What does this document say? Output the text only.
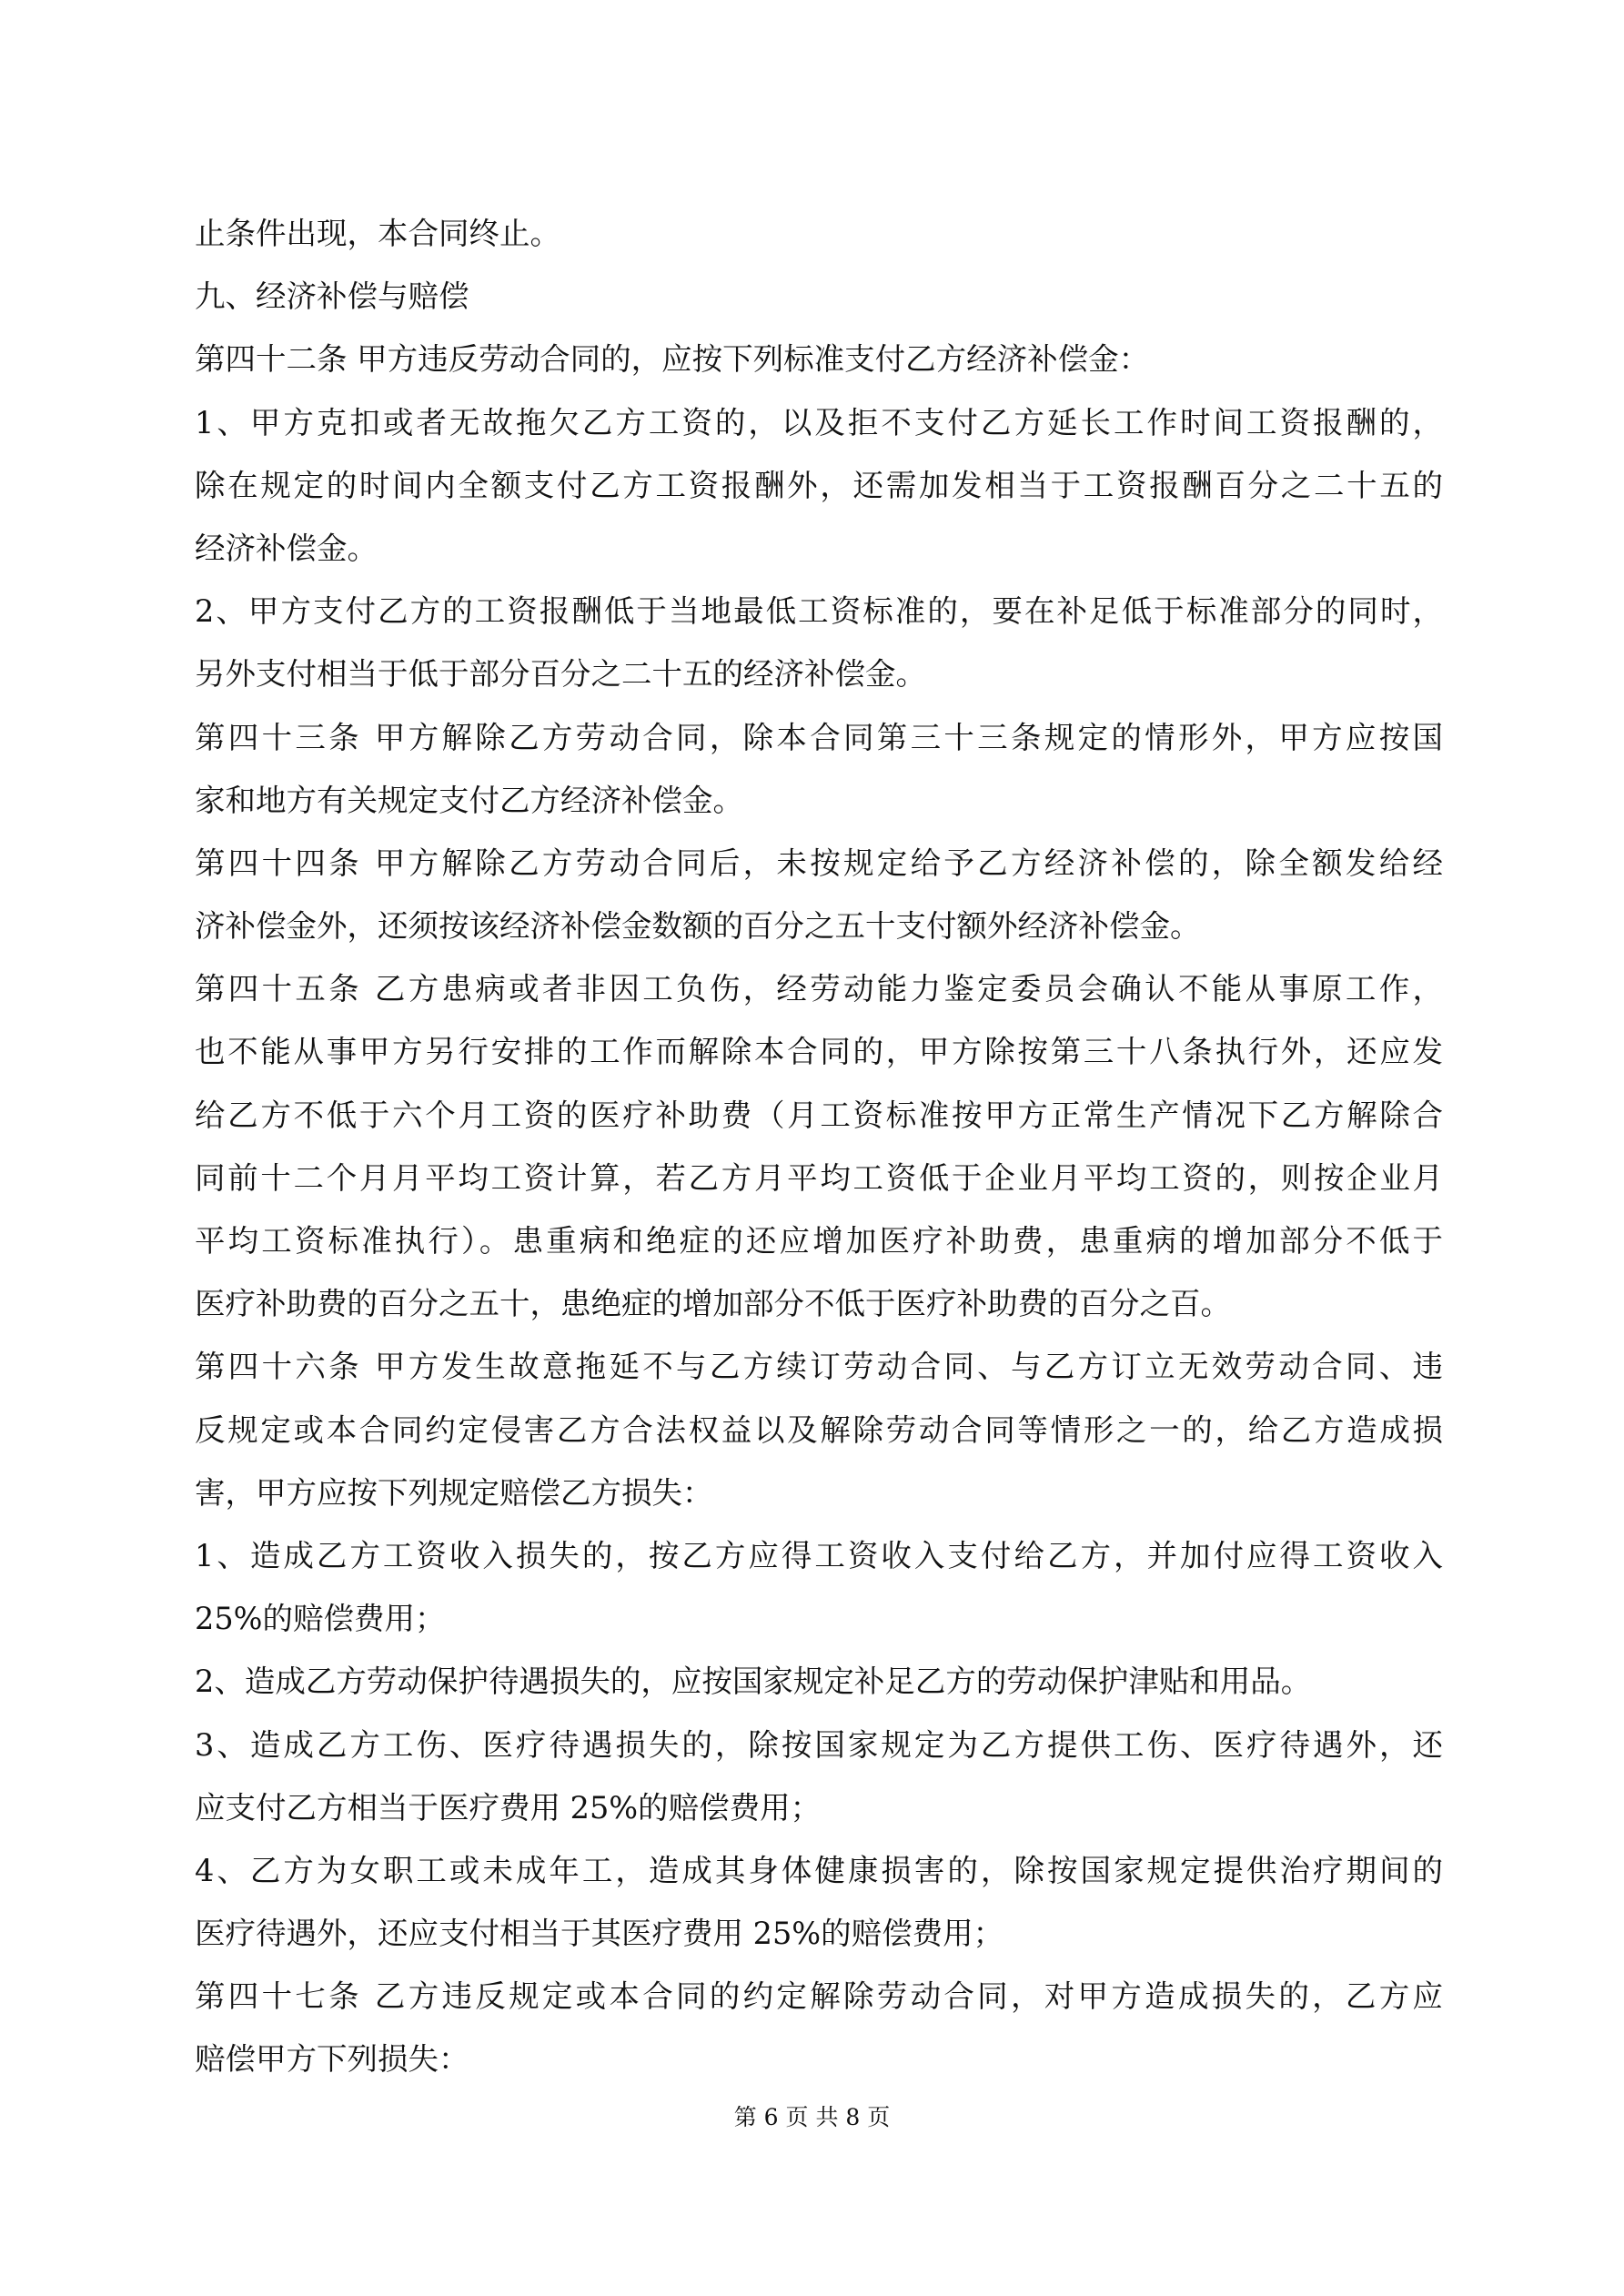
止条件出现，本合同终止。
九、经济补偿与赔偿
第四十二条 甲方违反劳动合同的，应按下列标准支付乙方经济补偿金：
1、甲方克扣或者无故拖欠乙方工资的，以及拒不支付乙方延长工作时间工资报酬的，
除在规定的时间内全额支付乙方工资报酬外，还需加发相当于工资报酬百分之二十五的
经济补偿金。
2、甲方支付乙方的工资报酬低于当地最低工资标准的，要在补足低于标准部分的同时，
另外支付相当于低于部分百分之二十五的经济补偿金。
第四十三条 甲方解除乙方劳动合同，除本合同第三十三条规定的情形外，甲方应按国
家和地方有关规定支付乙方经济补偿金。
第四十四条 甲方解除乙方劳动合同后，未按规定给予乙方经济补偿的，除全额发给经
济补偿金外，还须按该经济补偿金数额的百分之五十支付额外经济补偿金。
第四十五条 乙方患病或者非因工负伤，经劳动能力鉴定委员会确认不能从事原工作，
也不能从事甲方另行安排的工作而解除本合同的，甲方除按第三十八条执行外，还应发
给乙方不低于六个月工资的医疗补助费（月工资标准按甲方正常生产情况下乙方解除合
同前十二个月月平均工资计算，若乙方月平均工资低于企业月平均工资的，则按企业月
平均工资标准执行）。患重病和绝症的还应增加医疗补助费，患重病的增加部分不低于
医疗补助费的百分之五十，患绝症的增加部分不低于医疗补助费的百分之百。
第四十六条 甲方发生故意拖延不与乙方续订劳动合同、与乙方订立无效劳动合同、违
反规定或本合同约定侵害乙方合法权益以及解除劳动合同等情形之一的，给乙方造成损
害，甲方应按下列规定赔偿乙方损失：
1、造成乙方工资收入损失的，按乙方应得工资收入支付给乙方，并加付应得工资收入
25%的赔偿费用；
2、造成乙方劳动保护待遇损失的，应按国家规定补足乙方的劳动保护津贴和用品。
3、造成乙方工伤、医疗待遇损失的，除按国家规定为乙方提供工伤、医疗待遇外，还
应支付乙方相当于医疗费用 25%的赔偿费用；
4、乙方为女职工或未成年工，造成其身体健康损害的，除按国家规定提供治疗期间的
医疗待遇外，还应支付相当于其医疗费用 25%的赔偿费用；
第四十七条 乙方违反规定或本合同的约定解除劳动合同，对甲方造成损失的，乙方应
赔偿甲方下列损失：
第 6 页 共 8 页
